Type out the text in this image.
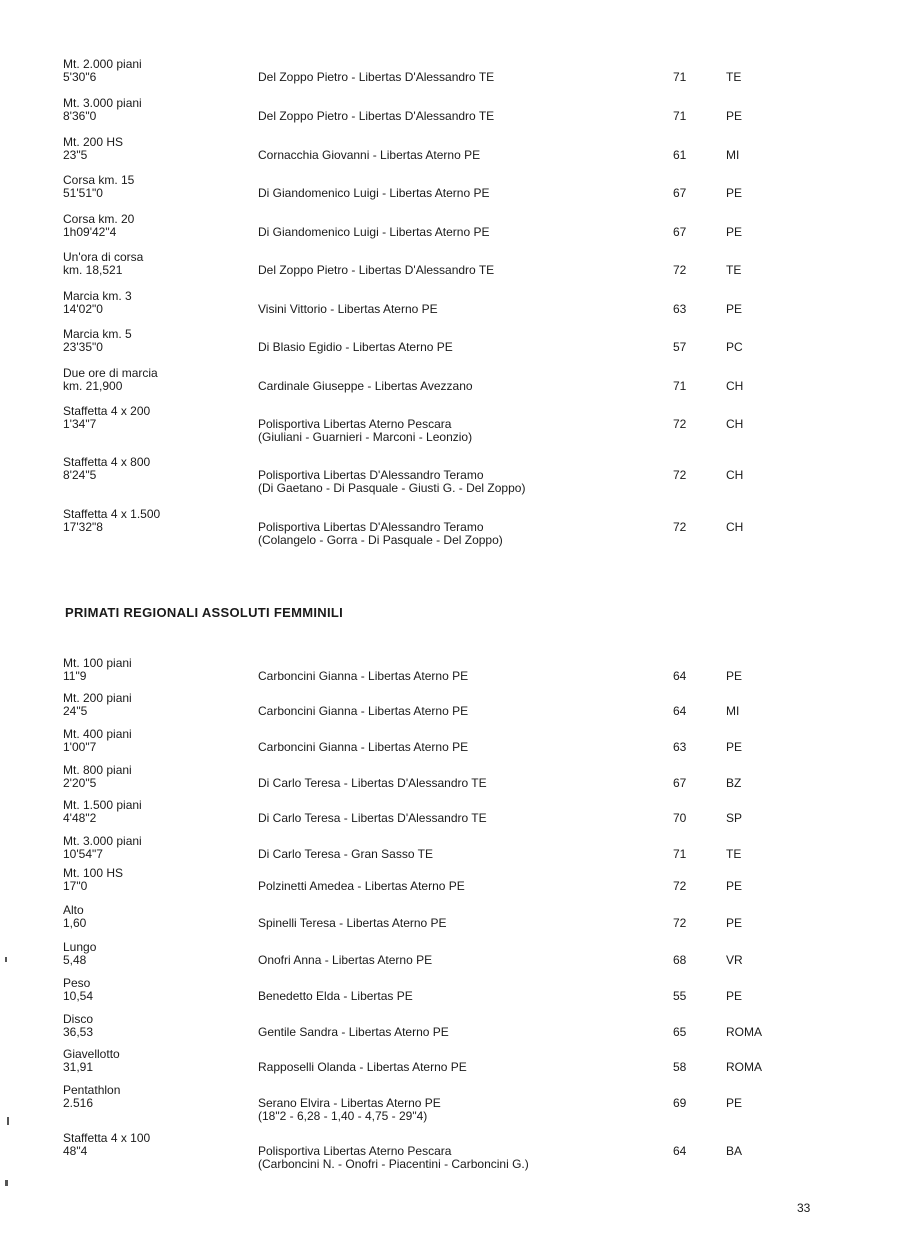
Mt. 2.000 piani
5'30"6	Del Zoppo Pietro - Libertas D'Alessandro TE	71	TE
Mt. 3.000 piani
8'36"0	Del Zoppo Pietro - Libertas D'Alessandro TE	71	PE
Mt. 200 HS
23"5	Cornacchia Giovanni - Libertas Aterno PE	61	MI
Corsa km. 15
51'51"0	Di Giandomenico Luigi - Libertas Aterno PE	67	PE
Corsa km. 20
1h09'42"4	Di Giandomenico Luigi - Libertas Aterno PE	67	PE
Un'ora di corsa
km. 18,521	Del Zoppo Pietro - Libertas D'Alessandro TE	72	TE
Marcia km. 3
14'02"0	Visini Vittorio - Libertas Aterno PE	63	PE
Marcia km. 5
23'35"0	Di Blasio Egidio - Libertas Aterno PE	57	PC
Due ore di marcia
km. 21,900	Cardinale Giuseppe - Libertas Avezzano	71	CH
Staffetta 4 x 200
1'34"7	Polisportiva Libertas Aterno Pescara
(Giuliani - Guarnieri - Marconi - Leonzio)
72	CH
Staffetta 4 x 800
8'24"5	Polisportiva Libertas D'Alessandro Teramo
(Di Gaetano - Di Pasquale - Giusti G. - Del Zoppo)
72	CH
Staffetta 4 x 1.500
17'32"8	Polisportiva Libertas D'Alessandro Teramo
(Colangelo - Gorra - Di Pasquale - Del Zoppo)
72	CH
PRIMATI REGIONALI ASSOLUTI FEMMINILI
Mt. 100 piani
11"9	Carboncini Gianna - Libertas Aterno PE	64	PE
Mt. 200 piani
24"5	Carboncini Gianna - Libertas Aterno PE	64	MI
Mt. 400 piani
1'00"7	Carboncini Gianna - Libertas Aterno PE	63	PE
Mt. 800 piani
2'20"5	Di Carlo Teresa - Libertas D'Alessandro TE	67	BZ
Mt. 1.500 piani
4'48"2	Di Carlo Teresa - Libertas D'Alessandro TE	70	SP
Mt. 3.000 piani
10'54"7	Di Carlo Teresa - Gran Sasso TE	71	TE
Mt. 100 HS
17"0	Polzinetti Amedea - Libertas Aterno PE	72	PE
Alto
1,60	Spinelli Teresa - Libertas Aterno PE	72	PE
Lungo
5,48	Onofri Anna - Libertas Aterno PE	68	VR
Peso
10,54	Benedetto Elda - Libertas PE	55	PE
Disco
36,53	Gentile Sandra - Libertas Aterno PE	65	ROMA
Giavellotto
31,91	Rapposelli Olanda - Libertas Aterno PE	58	ROMA
Pentathlon
2.516	Serano Elvira - Libertas Aterno PE
(18"2 - 6,28 - 1,40 - 4,75 - 29"4)
69	PE
Staffetta 4 x 100
48"4	Polisportiva Libertas Aterno Pescara
(Carboncini N. - Onofri - Piacentini - Carboncini G.)
64	BA
33
